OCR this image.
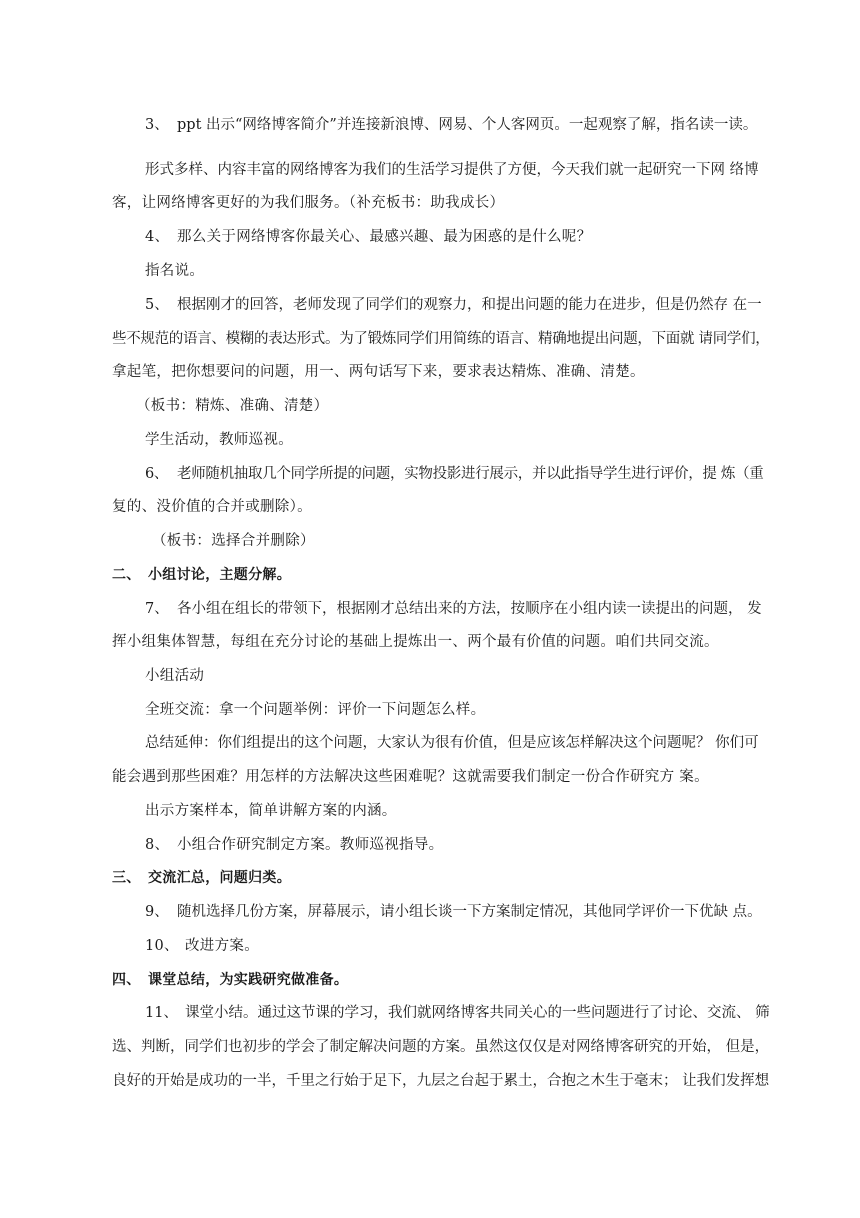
3、 ppt 出示“网络博客简介”并连接新浪博、网易、个人客网页。一起观察了解，指名读一读。
形式多样、内容丰富的网络博客为我们的生活学习提供了方便，今天我们就一起研究一下网 络博
客，让网络博客更好的为我们服务。（补充板书：助我成长）
4、 那么关于网络博客你最关心、最感兴趣、最为困惑的是什么呢？
指名说。
5、 根据刚才的回答，老师发现了同学们的观察力，和提出问题的能力在进步，但是仍然存 在一
些不规范的语言、模糊的表达形式。为了锻炼同学们用简练的语言、精确地提出问题，下面就 请同学们，
拿起笔，把你想要问的问题，用一、两句话写下来，要求表达精炼、准确、清楚。
（板书：精炼、准确、清楚）
学生活动，教师巡视。
6、 老师随机抽取几个同学所提的问题，实物投影进行展示，并以此指导学生进行评价，提 炼（重
复的、没价值的合并或删除）。
（板书：选择合并删除）
二、 小组讨论，主题分解。
7、 各小组在组长的带领下，根据刚才总结出来的方法，按顺序在小组内读一读提出的问题， 发
挥小组集体智慧，每组在充分讨论的基础上提炼出一、两个最有价值的问题。咱们共同交流。
小组活动
全班交流：拿一个问题举例：评价一下问题怎么样。
总结延伸：你们组提出的这个问题，大家认为很有价值，但是应该怎样解决这个问题呢？ 你们可
能会遇到那些困难？用怎样的方法解决这些困难呢？这就需要我们制定一份合作研究方 案。
出示方案样本，简单讲解方案的内涵。
8、 小组合作研究制定方案。教师巡视指导。
三、 交流汇总，问题归类。
9、 随机选择几份方案，屏幕展示，请小组长谈一下方案制定情况，其他同学评价一下优缺 点。
10、 改进方案。
四、 课堂总结，为实践研究做准备。
11、 课堂小结。通过这节课的学习，我们就网络博客共同关心的一些问题进行了讨论、交流、 筛
选、判断，同学们也初步的学会了制定解决问题的方案。虽然这仅仅是对网络博客研究的开始， 但是，
良好的开始是成功的一半，千里之行始于足下，九层之台起于累土，合抱之木生于毫末； 让我们发挥想
